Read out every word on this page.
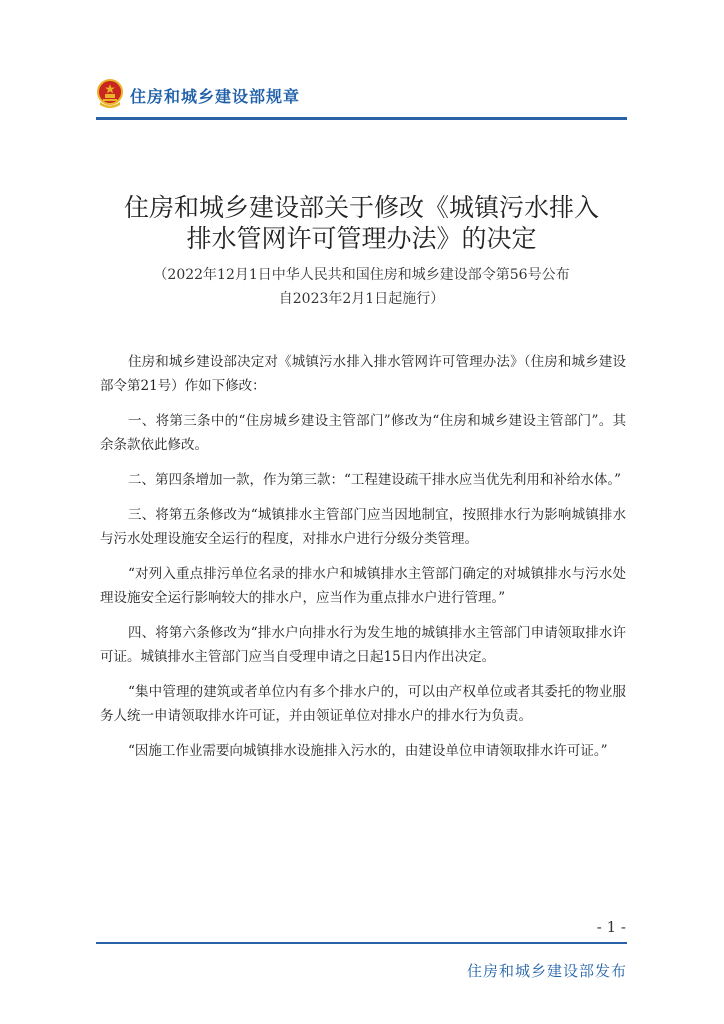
住房和城乡建设部规章
住房和城乡建设部关于修改《城镇污水排入
排水管网许可管理办法》的决定
（2022年12月1日中华人民共和国住房和城乡建设部令第56号公布
自2023年2月1日起施行）

住房和城乡建设部决定对《城镇污水排入排水管网许可管理办法》（住房和城乡建设部令第21号）作如下修改：

一、将第三条中的“住房城乡建设主管部门”修改为“住房和城乡建设主管部门”。其余条款依此修改。

二、第四条增加一款，作为第三款：“工程建设疏干排水应当优先利用和补给水体。”

三、将第五条修改为“城镇排水主管部门应当因地制宜，按照排水行为影响城镇排水与污水处理设施安全运行的程度，对排水户进行分级分类管理。

“对列入重点排污单位名录的排水户和城镇排水主管部门确定的对城镇排水与污水处理设施安全运行影响较大的排水户，应当作为重点排水户进行管理。”

四、将第六条修改为“排水户向排水行为发生地的城镇排水主管部门申请领取排水许可证。城镇排水主管部门应当自受理申请之日起15日内作出决定。

“集中管理的建筑或者单位内有多个排水户的，可以由产权单位或者其委托的物业服务人统一申请领取排水许可证，并由领证单位对排水户的排水行为负责。

“因施工作业需要向城镇排水设施排入污水的，由建设单位申请领取排水许可证。”

- 1 -
住房和城乡建设部发布
